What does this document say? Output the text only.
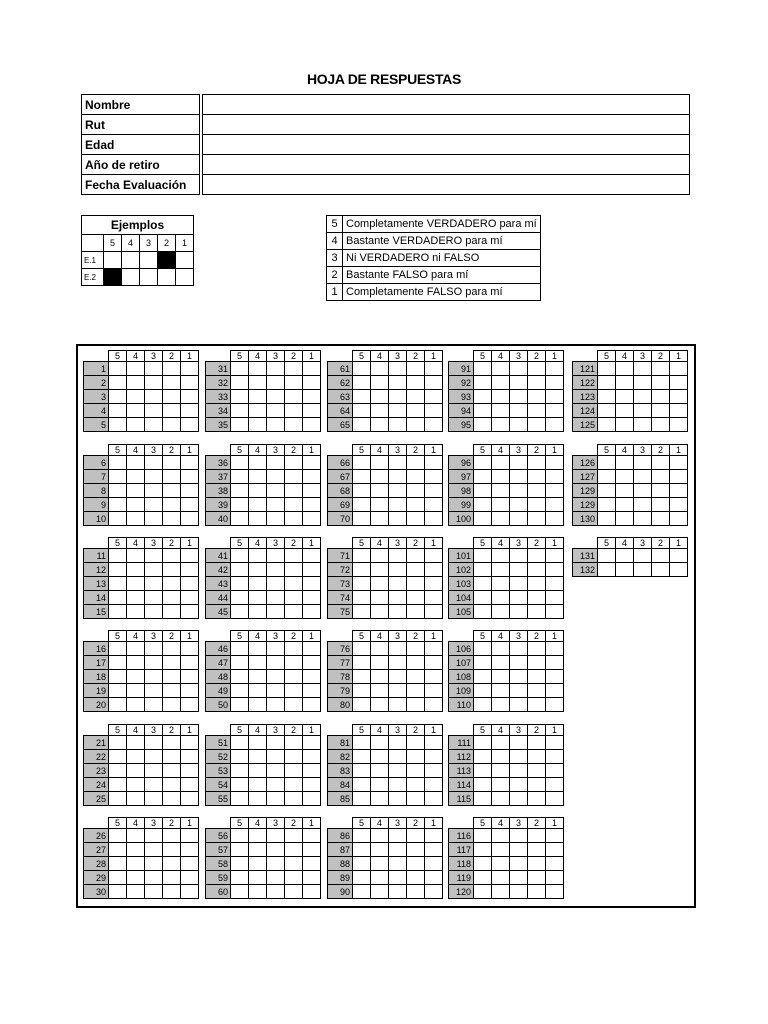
HOJA DE RESPUESTAS
Nombre		
Rut		
Edad		
Año de retiro		
Fecha Evaluación		
Ejemplos					
	5	4	3	2	1
E.1					
E.2					
5	Completamente VERDADERO para mí
4	Bastante VERDADERO para mí
3	Ni VERDADERO ni FALSO
2	Bastante FALSO para mí
1	Completamente FALSO para mí
	5	4	3	2	1
1					
2					
3					
4					
5					
	5	4	3	2	1
31					
32					
33					
34					
35					
	5	4	3	2	1
61					
62					
63					
64					
65					
	5	4	3	2	1
91					
92					
93					
94					
95					
	5	4	3	2	1
121					
122					
123					
124					
125					
	5	4	3	2	1
6					
7					
8					
9					
10					
	5	4	3	2	1
36					
37					
38					
39					
40					
	5	4	3	2	1
66					
67					
68					
69					
70					
	5	4	3	2	1
96					
97					
98					
99					
100					
	5	4	3	2	1
126					
127					
129					
129					
130					
	5	4	3	2	1
11					
12					
13					
14					
15					
	5	4	3	2	1
41					
42					
43					
44					
45					
	5	4	3	2	1
71					
72					
73					
74					
75					
	5	4	3	2	1
101					
102					
103					
104					
105					
	5	4	3	2	1
131					
132					
	5	4	3	2	1
16					
17					
18					
19					
20					
	5	4	3	2	1
46					
47					
48					
49					
50					
	5	4	3	2	1
76					
77					
78					
79					
80					
	5	4	3	2	1
106					
107					
108					
109					
110					
	5	4	3	2	1
21					
22					
23					
24					
25					
	5	4	3	2	1
51					
52					
53					
54					
55					
	5	4	3	2	1
81					
82					
83					
84					
85					
	5	4	3	2	1
111					
112					
113					
114					
115					
	5	4	3	2	1
26					
27					
28					
29					
30					
	5	4	3	2	1
56					
57					
58					
59					
60					
	5	4	3	2	1
86					
87					
88					
89					
90					
	5	4	3	2	1
116					
117					
118					
119					
120					
